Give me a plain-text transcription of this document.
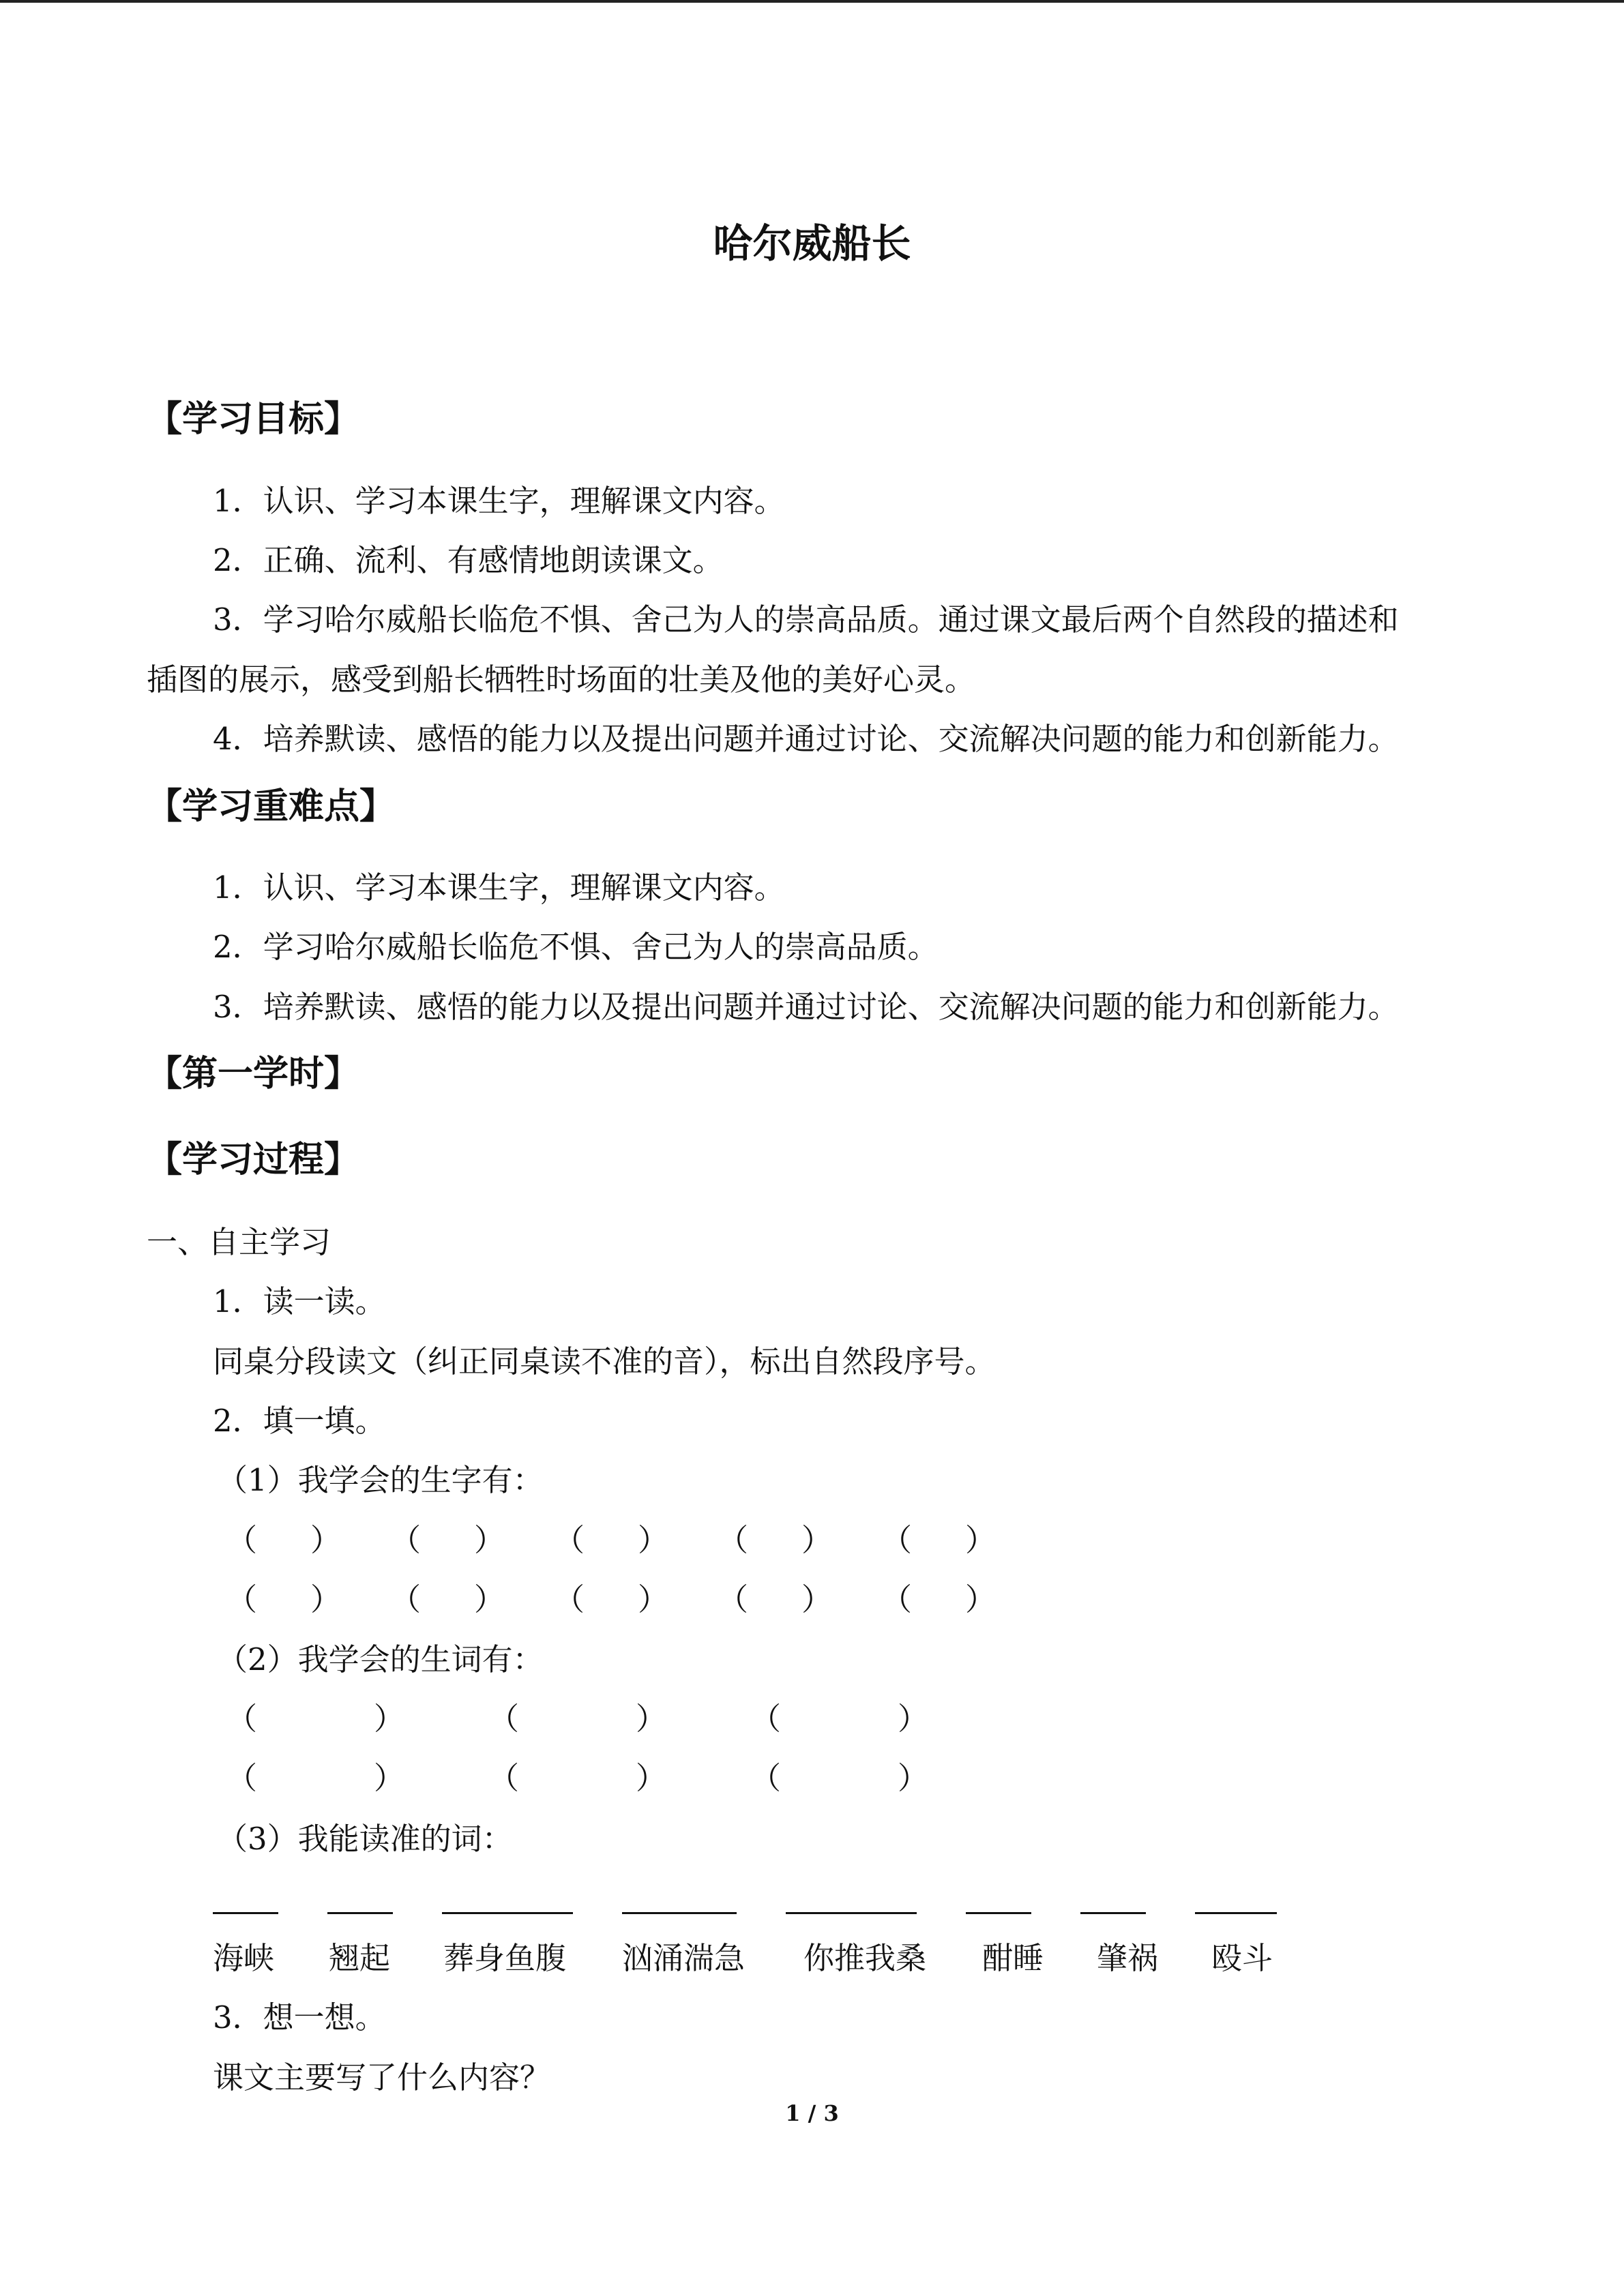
哈尔威船长
【学习目标】
1．认识、学习本课生字，理解课文内容。
2．正确、流利、有感情地朗读课文。
3．学习哈尔威船长临危不惧、舍己为人的崇高品质。通过课文最后两个自然段的描述和
插图的展示，感受到船长牺牲时场面的壮美及他的美好心灵。
4．培养默读、感悟的能力以及提出问题并通过讨论、交流解决问题的能力和创新能力。
【学习重难点】
1．认识、学习本课生字，理解课文内容。
2．学习哈尔威船长临危不惧、舍己为人的崇高品质。
3．培养默读、感悟的能力以及提出问题并通过讨论、交流解决问题的能力和创新能力。
【第一学时】
【学习过程】
一、自主学习
1．读一读。
同桌分段读文（纠正同桌读不准的音），标出自然段序号。
2．填一填。
（1）我学会的生字有：
（ ） （ ） （ ） （ ） （ ）
（ ） （ ） （ ） （ ） （ ）
（2）我学会的生词有：
（	）	（	）	（	）
（	）	（	）	（	）
（3）我能读准的词：
海峡 翘起 葬身鱼腹 汹涌湍急 你推我桑 酣睡 肇祸 殴斗
3．想一想。
课文主要写了什么内容？
1 / 3
